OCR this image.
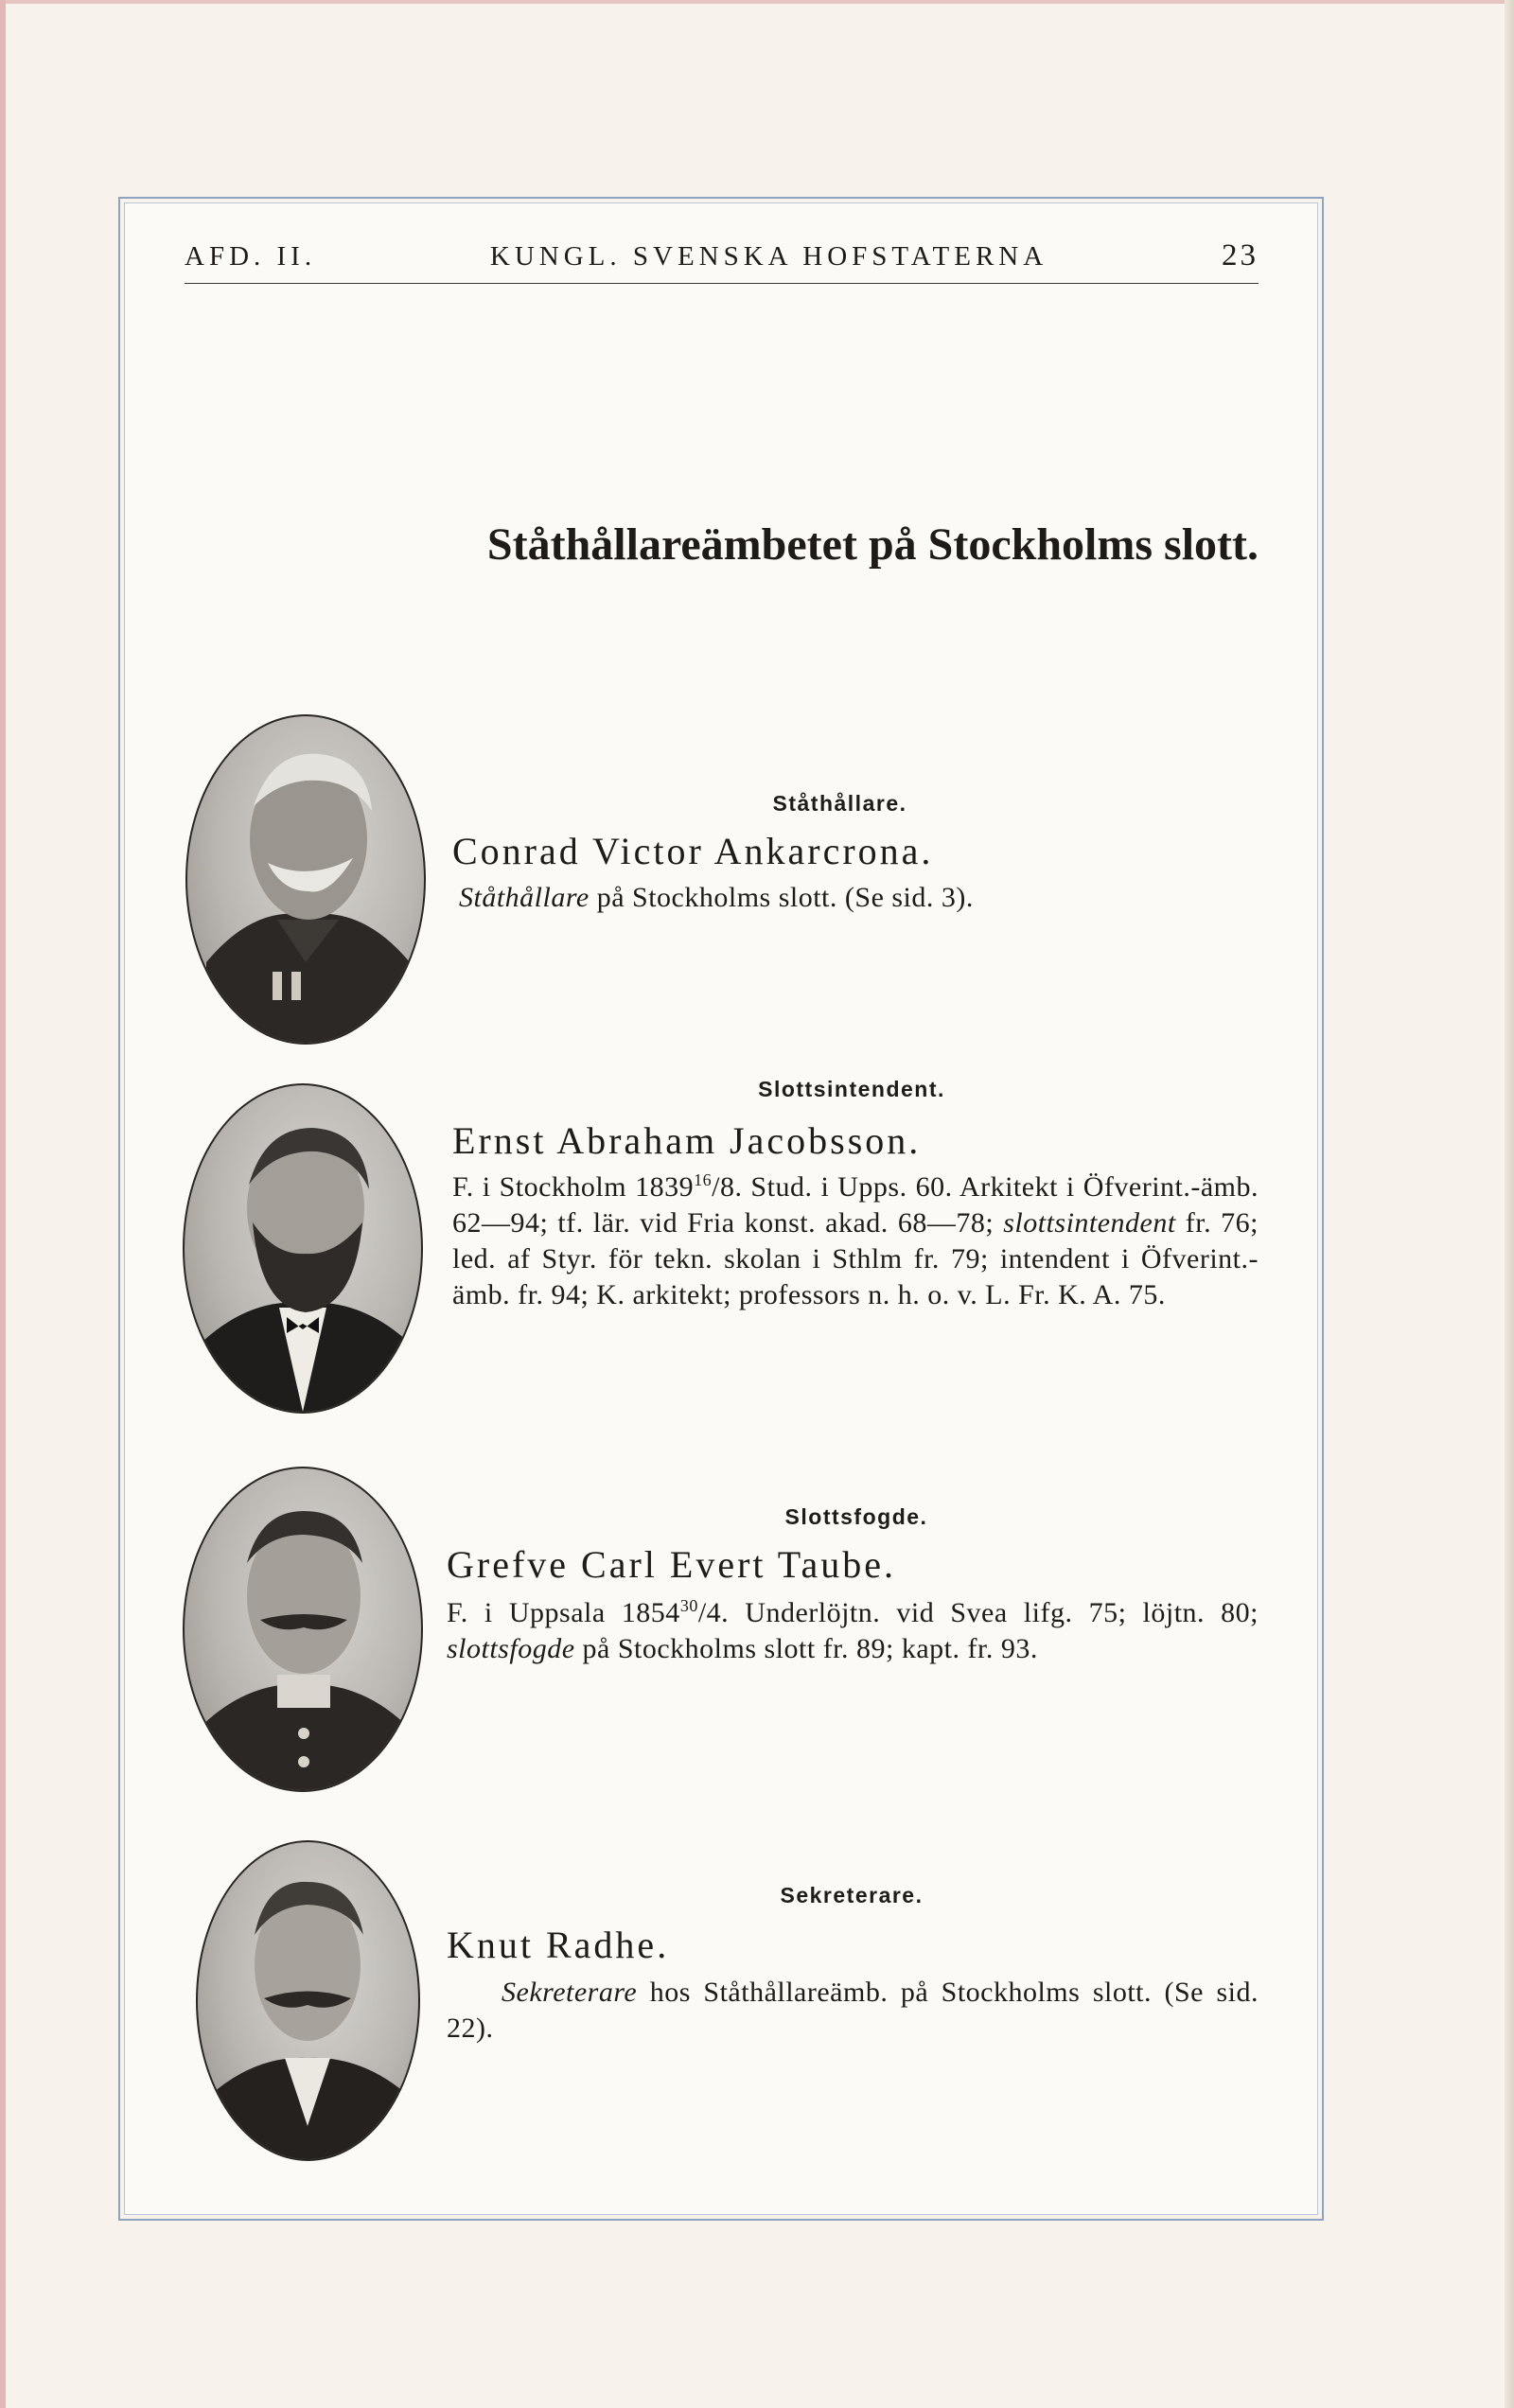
AFD. II.	KUNGL. SVENSKA HOFSTATERNA	23
Ståthållareämbetet på Stockholms slott.
Ståthållare.
Conrad Victor Ankarcrona.
Ståthållare på Stockholms slott. (Se sid. 3).
Slottsintendent.
Ernst Abraham Jacobsson.
F. i Stockholm 1839$^{16}$/8. Stud. i Upps. 60. Arkitekt i Öfverint.-ämb. 62—94; tf. lär. vid Fria konst. akad. 68—78; slottsintendent fr. 76; led. af Styr. för tekn. skolan i Sthlm fr. 79; intendent i Öfverint.-ämb. fr. 94; K. arkitekt; professors n. h. o. v. L. Fr. K. A. 75.
Slottsfogde.
Grefve Carl Evert Taube.
F. i Uppsala 1854$^{30}$/4. Underlöjtn. vid Svea lifg. 75; löjtn. 80; slottsfogde på Stockholms slott fr. 89; kapt. fr. 93.
Sekreterare.
Knut Radhe.
Sekreterare hos Ståthållareämb. på Stockholms slott. (Se sid. 22).
